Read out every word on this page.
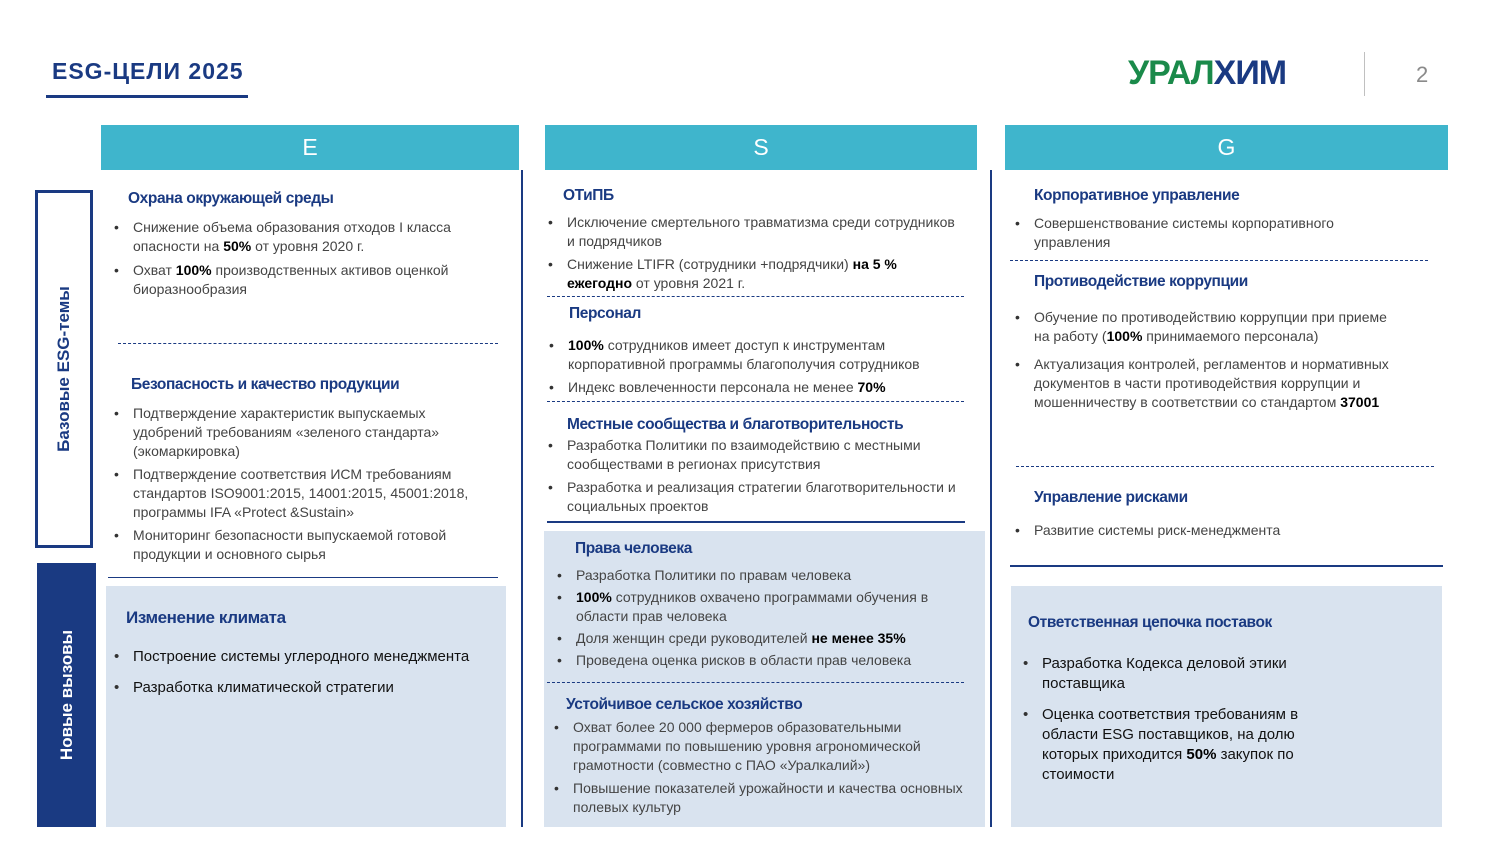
ESG-ЦЕЛИ 2025	УРАЛХИМ	2
E	S	G
Базовые ESG-темы
Новые вызовы
Охрана окружающей среды
• Снижение объема образования отходов I класса опасности на 50% от уровня 2020 г.
• Охват 100% производственных активов оценкой биоразнообразия
Безопасность и качество продукции
• Подтверждение характеристик выпускаемых удобрений требованиям «зеленого стандарта» (экомаркировка)
• Подтверждение соответствия ИСМ требованиям стандартов ISO9001:2015, 14001:2015, 45001:2018, программы IFA «Protect &Sustain»
• Мониторинг безопасности выпускаемой готовой продукции и основного сырья
Изменение климата
• Построение системы углеродного менеджмента
• Разработка климатической стратегии
ОТиПБ
• Исключение смертельного травматизма среди сотрудников и подрядчиков
• Снижение LTIFR (сотрудники +подрядчики) на 5 % ежегодно от уровня 2021 г.
Персонал
• 100% сотрудников имеет доступ к инструментам корпоративной программы благополучия сотрудников
• Индекс вовлеченности персонала не менее 70%
Местные сообщества и благотворительность
• Разработка Политики по взаимодействию с местными сообществами в регионах присутствия
• Разработка и реализация стратегии благотворительности и социальных проектов
Права человека
• Разработка Политики по правам человека
• 100% сотрудников охвачено программами обучения в области прав человека
• Доля женщин среди руководителей не менее 35%
• Проведена оценка рисков в области прав человека
Устойчивое сельское хозяйство
• Охват более 20 000 фермеров образовательными программами по повышению уровня агрономической грамотности (совместно с ПАО «Уралкалий»)
• Повышение показателей урожайности и качества основных полевых культур
Корпоративное управление
• Совершенствование системы корпоративного управления
Противодействие коррупции
• Обучение по противодействию коррупции при приеме на работу (100% принимаемого персонала)
• Актуализация контролей, регламентов и нормативных документов в части противодействия коррупции и мошенничеству в соответствии со стандартом 37001
Управление рисками
• Развитие системы риск-менеджмента
Ответственная цепочка поставок
• Разработка Кодекса деловой этики поставщика
• Оценка соответствия требованиям в области ESG поставщиков, на долю которых приходится 50% закупок по стоимости
